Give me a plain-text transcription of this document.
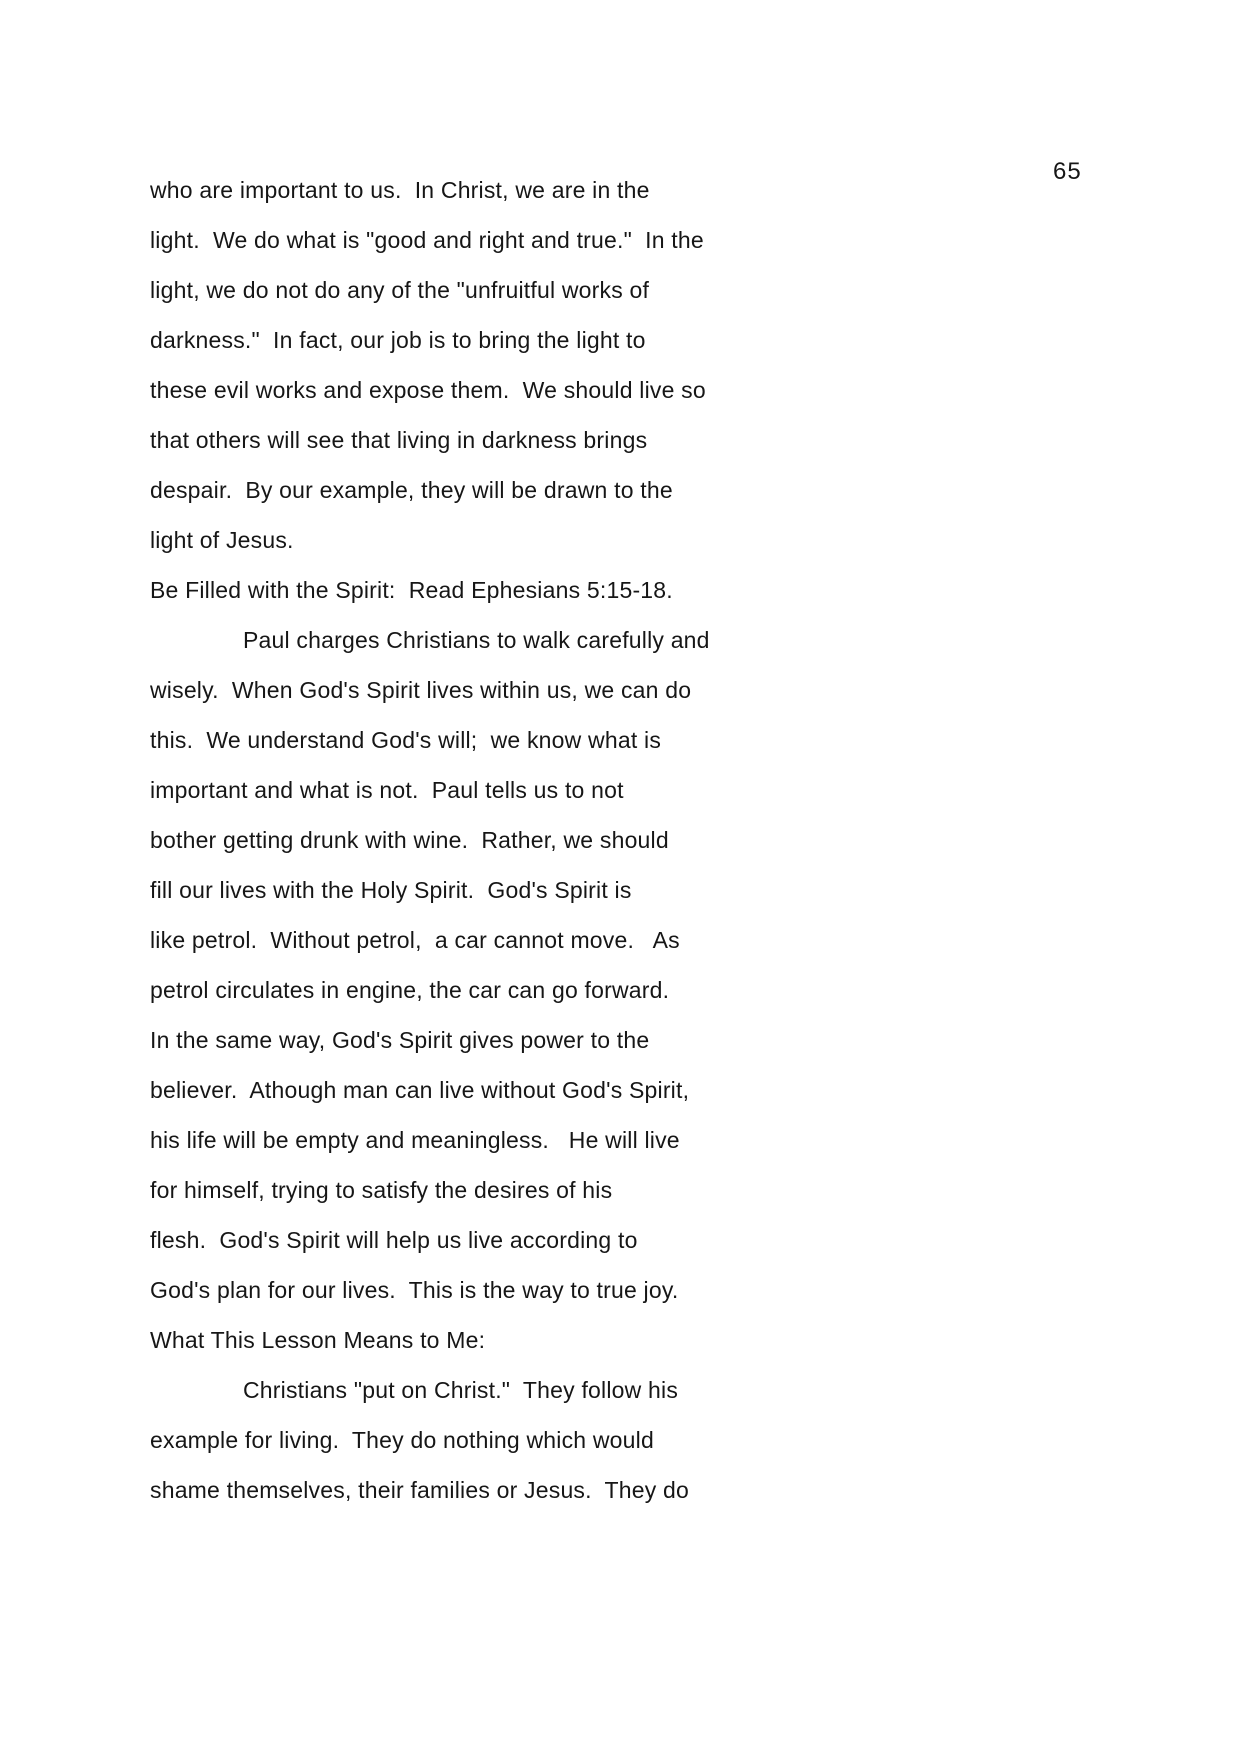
65
who are important to us.  In Christ, we are in the
light.  We do what is "good and right and true."  In the
light, we do not do any of the "unfruitful works of
darkness."  In fact, our job is to bring the light to
these evil works and expose them.  We should live so
that others will see that living in darkness brings
despair.  By our example, they will be drawn to the
light of Jesus.
Be Filled with the Spirit:  Read Ephesians 5:15-18.
Paul charges Christians to walk carefully and
wisely.  When God's Spirit lives within us, we can do
this.  We understand God's will;  we know what is
important and what is not.  Paul tells us to not
bother getting drunk with wine.  Rather, we should
fill our lives with the Holy Spirit.  God's Spirit is
like petrol.  Without petrol,  a car cannot move.   As
petrol circulates in engine, the car can go forward.
In the same way, God's Spirit gives power to the
believer.  Athough man can live without God's Spirit,
his life will be empty and meaningless.   He will live
for himself, trying to satisfy the desires of his
flesh.  God's Spirit will help us live according to
God's plan for our lives.  This is the way to true joy.
What This Lesson Means to Me:
Christians "put on Christ."  They follow his
example for living.  They do nothing which would
shame themselves, their families or Jesus.  They do
